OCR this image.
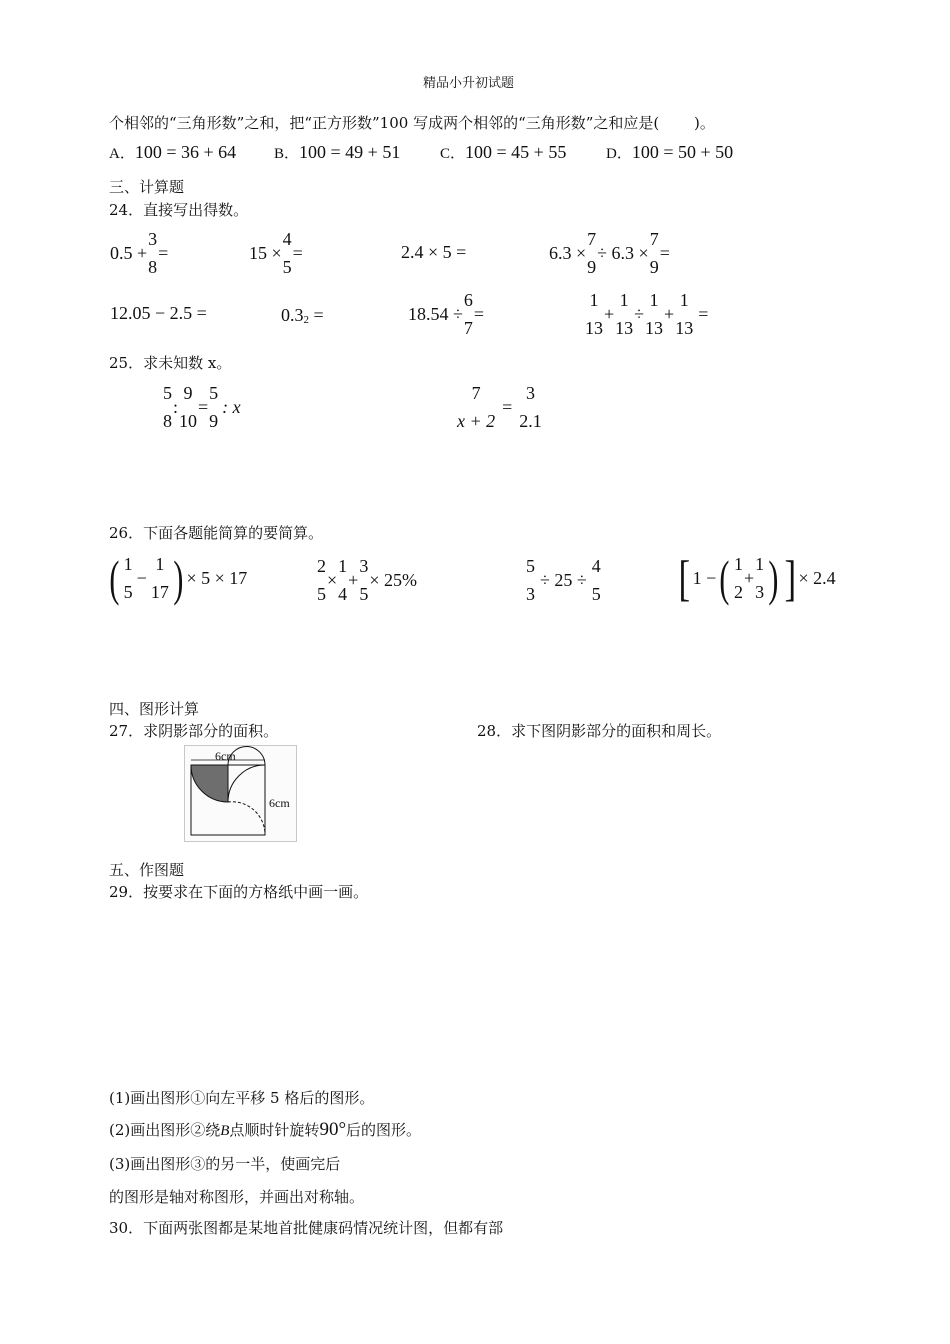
精品小升初试题
个相邻的“三角形数”之和，把“正方形数”100 写成两个相邻的“三角形数”之和应是(　　 )。
A．100 = 36 + 64	B．100 = 49 + 51	C．100 = 45 + 55	D．100 = 50 + 50
三、计算题
24．直接写出得数。
0.5 +
3
8
=	15 ×
4
5
=	2.4 × 5 =	6.3 ×
7
9
÷ 6.3 ×
7
9
=
12.05 − 2.5 =	$0.3^2$ =	18.54 ÷
6
7
=
1
13
+
1
13
÷
1
13
+
1
13
=
25．求未知数 x。
5
8
:
9
10
=
5
9
: x
7
x + 2
=
3
2.1
26．下面各题能简算的要简算。
( 1
5
−
1
17 ) × 5 × 17
2
5
×
1
4
+
3
5
× 25%
5
3
÷ 25 ÷
4
5 [ 1 − ( 1
2
+
1
3 ) ] × 2.4
四、图形计算
27．求阴影部分的面积。	28．求下图阴影部分的面积和周长。
6cm
6cm
五、作图题
29．按要求在下面的方格纸中画一画。
(1)画出图形①向左平移 5 格后的图形。
(2)画出图形②绕B点顺时针旋转90°后的图形。
(3)画出图形③的另一半，使画完后
的图形是轴对称图形，并画出对称轴。
30．下面两张图都是某地首批健康码情况统计图，但都有部
